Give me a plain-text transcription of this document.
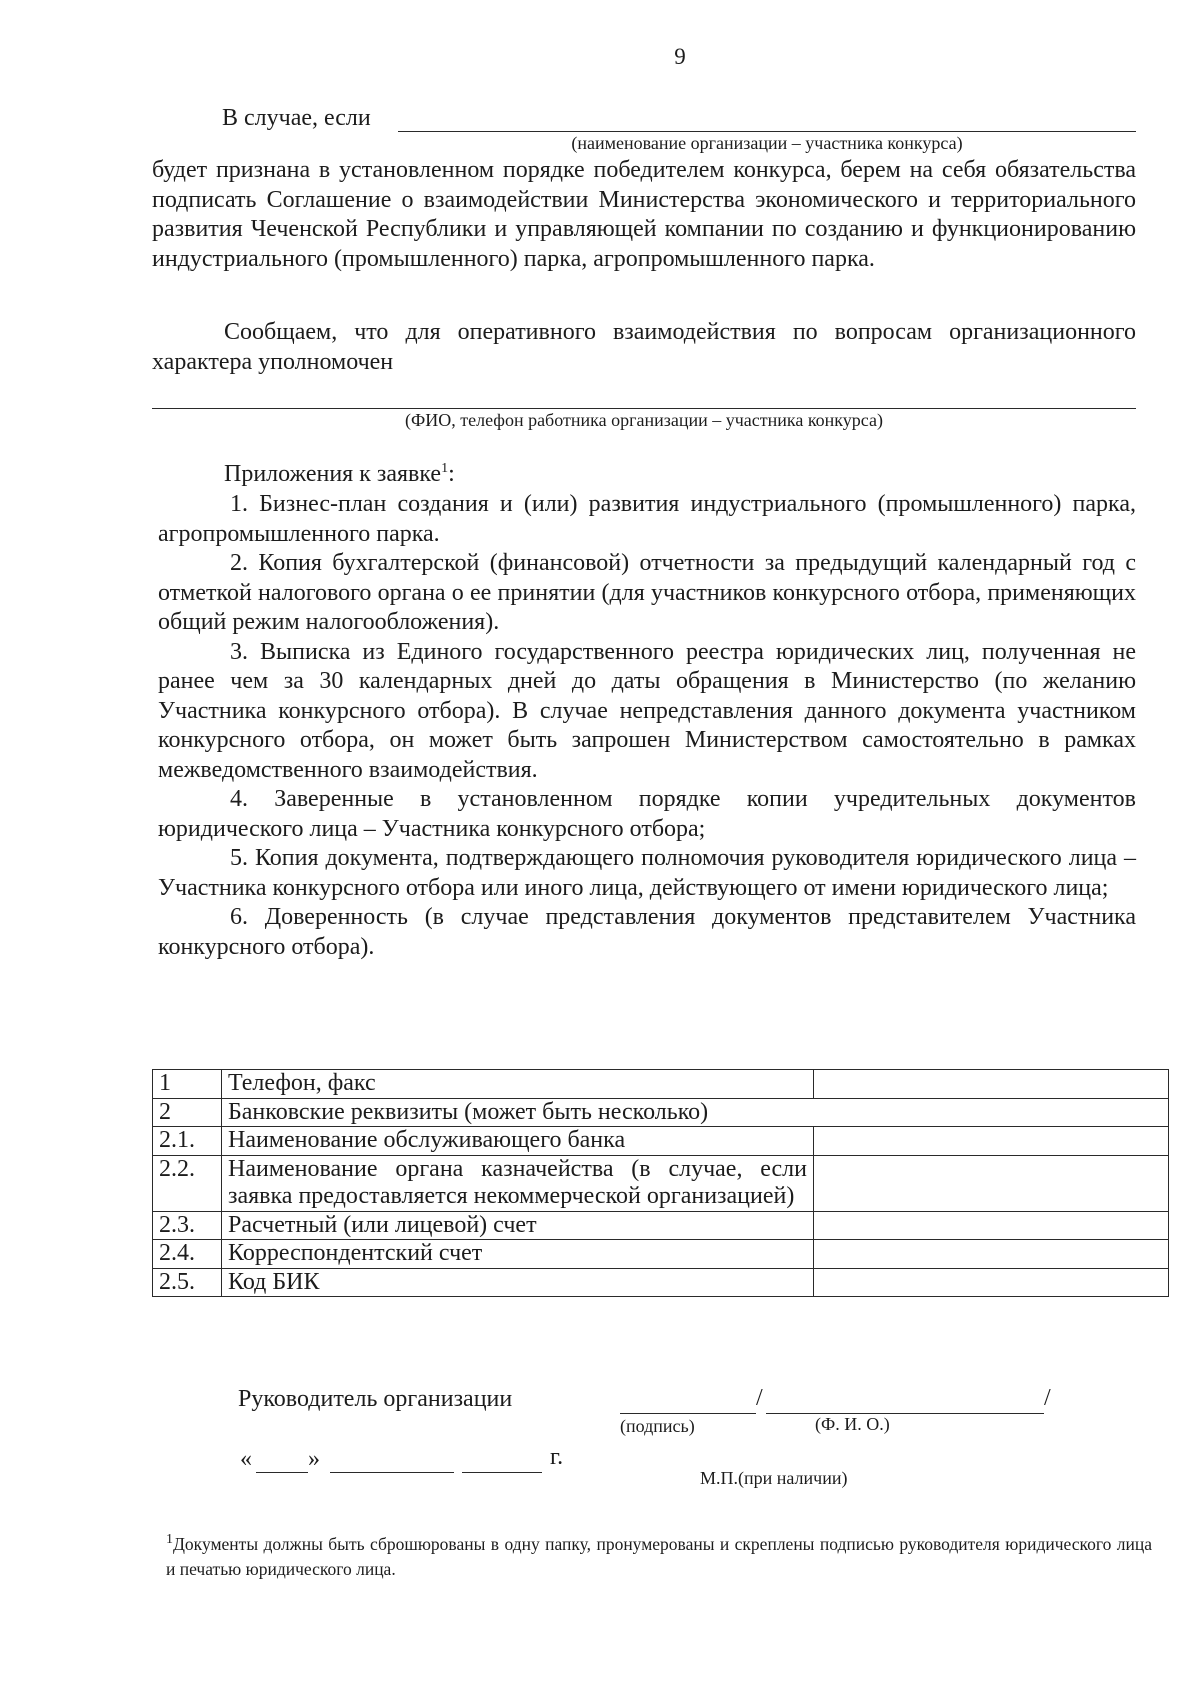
9
В случае, если
(наименование организации – участника конкурса)
будет признана в установленном порядке победителем конкурса, берем на себя обязательства подписать Соглашение о взаимодействии Министерства экономического и территориального развития Чеченской Республики и управляющей компании по созданию и функционированию индустриального (промышленного) парка, агропромышленного парка.
Сообщаем, что для оперативного взаимодействия по вопросам организационного характера уполномочен
(ФИО, телефон работника организации – участника конкурса)
Приложения к заявке$^1$:
1. Бизнес-план создания и (или) развития индустриального (промышленного) парка, агропромышленного парка.
2. Копия бухгалтерской (финансовой) отчетности за предыдущий календарный год с отметкой налогового органа о ее принятии (для участников конкурсного отбора, применяющих общий режим налогообложения).
3. Выписка из Единого государственного реестра юридических лиц, полученная не ранее чем за 30 календарных дней до даты обращения в Министерство (по желанию Участника конкурсного отбора). В случае непредставления данного документа участником конкурсного отбора, он может быть запрошен Министерством самостоятельно в рамках межведомственного взаимодействия.
4. Заверенные в установленном порядке копии учредительных документов юридического лица – Участника конкурсного отбора;
5. Копия документа, подтверждающего полномочия руководителя юридического лица – Участника конкурсного отбора или иного лица, действующего от имени юридического лица;
6. Доверенность (в случае представления документов представителем Участника конкурсного отбора).
1	Телефон, факс	
2	Банковские реквизиты (может быть несколько)	
2.1.	Наименование обслуживающего банка	
2.2.	Наименование органа казначейства (в случае, если заявка предоставляется некоммерческой организацией)	
2.3.	Расчетный (или лицевой) счет	
2.4.	Корреспондентский счет	
2.5.	Код БИК	
Руководитель организации	/	/
(подпись)	(Ф. И. О.)
« »	г.
М.П.(при наличии)
$^1$Документы должны быть сброшюрованы в одну папку, пронумерованы и скреплены подписью руководителя юридического лица и печатью юридического лица.
